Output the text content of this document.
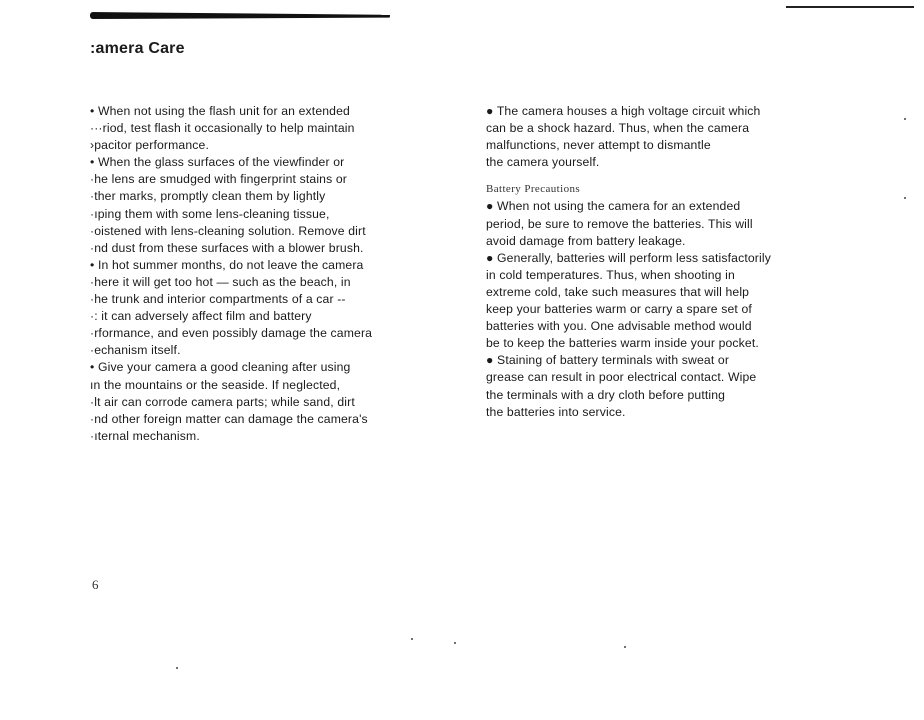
:amera Care
• When not using the flash unit for an extended
···riod, test flash it occasionally to help maintain
›pacitor performance.
• When the glass surfaces of the viewfinder or
·he lens are smudged with fingerprint stains or
·ther marks, promptly clean them by lightly
·ıping them with some lens-cleaning tissue,
·oistened with lens-cleaning solution. Remove dirt
·nd dust from these surfaces with a blower brush.
• In hot summer months, do not leave the camera
·here it will get too hot — such as the beach, in
·he trunk and interior compartments of a car --
·: it can adversely affect film and battery
·rformance, and even possibly damage the camera
·echanism itself.
• Give your camera a good cleaning after using
ın the mountains or the seaside. If neglected,
·lt air can corrode camera parts; while sand, dirt
·nd other foreign matter can damage the camera's
·ıternal mechanism.
● The camera houses a high voltage circuit which
can be a shock hazard. Thus, when the camera
malfunctions, never attempt to dismantle
the camera yourself.
Battery Precautions
● When not using the camera for an extended
period, be sure to remove the batteries. This will
avoid damage from battery leakage.
● Generally, batteries will perform less satisfactorily
in cold temperatures. Thus, when shooting in
extreme cold, take such measures that will help
keep your batteries warm or carry a spare set of
batteries with you. One advisable method would
be to keep the batteries warm inside your pocket.
● Staining of battery terminals with sweat or
grease can result in poor electrical contact. Wipe
the terminals with a dry cloth before putting
the batteries into service.
6
